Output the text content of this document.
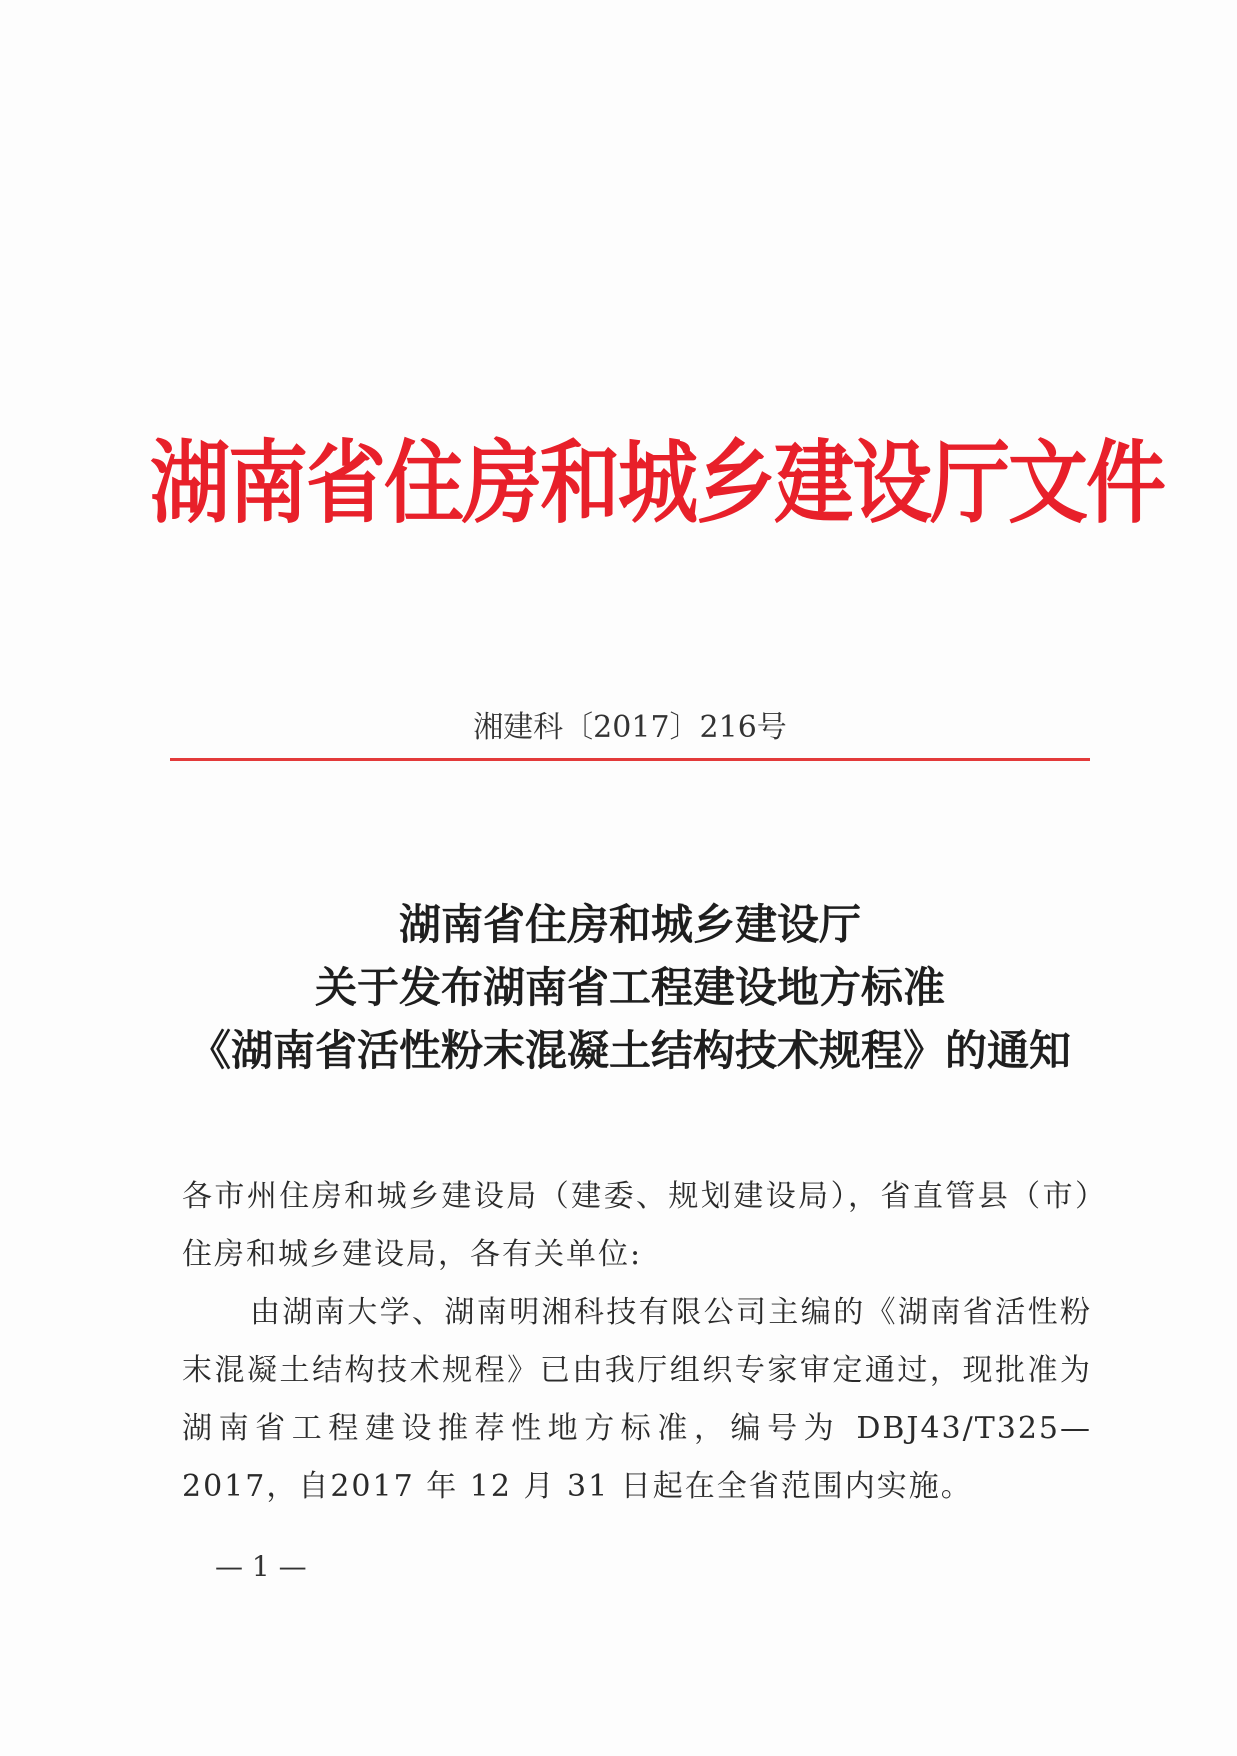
湖南省住房和城乡建设厅文件
湘建科〔2017〕216号
湖南省住房和城乡建设厅
关于发布湖南省工程建设地方标准
《湖南省活性粉末混凝土结构技术规程》的通知

各市州住房和城乡建设局（建委、规划建设局），省直管县（市）住房和城乡建设局，各有关单位:

由湖南大学、湖南明湘科技有限公司主编的《湖南省活性粉末混凝土结构技术规程》已由我厅组织专家审定通过，现批准为湖南省工程建设推荐性地方标准，编号为 DBJ43/T325—2017，自2017 年 12 月 31 日起在全省范围内实施。

— 1 —
